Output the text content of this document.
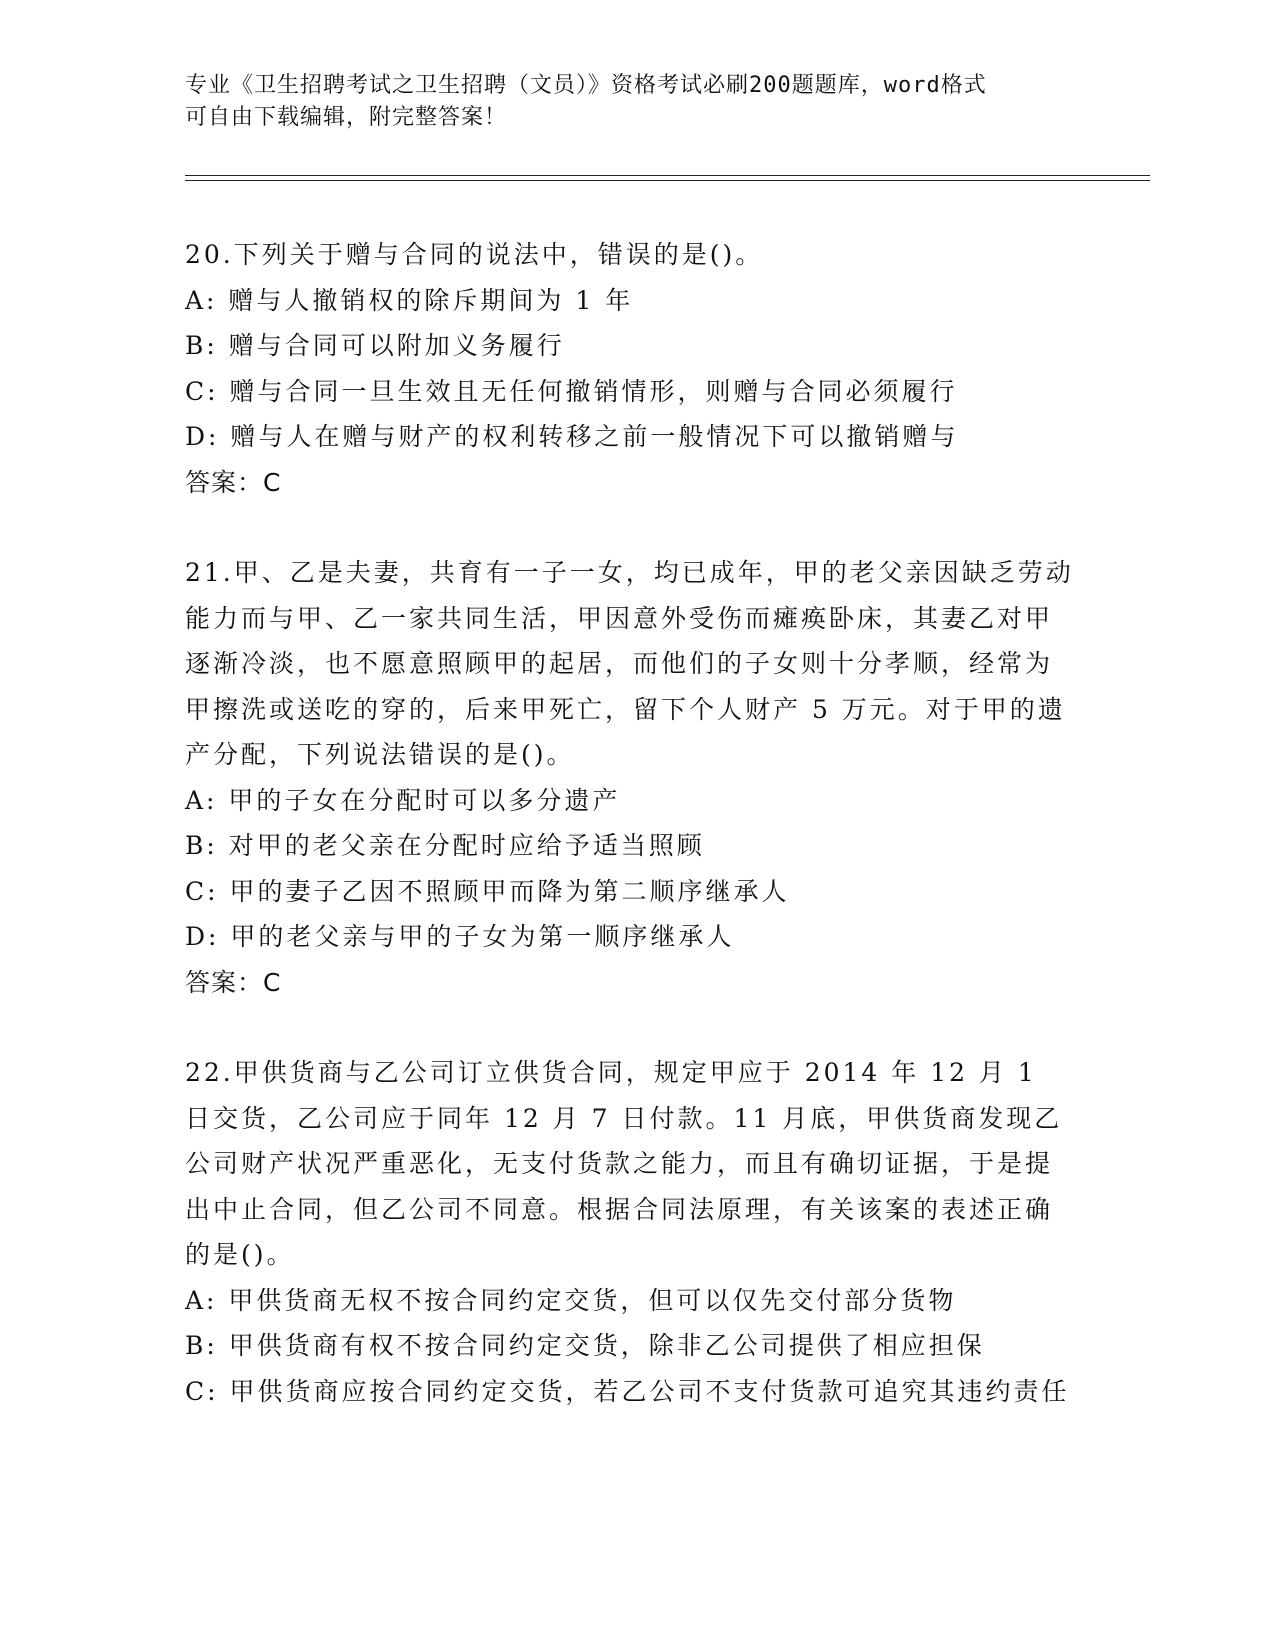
专业《卫生招聘考试之卫生招聘（文员）》资格考试必刷200题题库，word格式
可自由下载编辑，附完整答案！

20.下列关于赠与合同的说法中，错误的是()。

A: 赠与人撤销权的除斥期间为 1 年

B: 赠与合同可以附加义务履行

C: 赠与合同一旦生效且无任何撤销情形，则赠与合同必须履行

D: 赠与人在赠与财产的权利转移之前一般情况下可以撤销赠与

答案：C

21.甲、乙是夫妻，共育有一子一女，均已成年，甲的老父亲因缺乏劳动能力而与甲、乙一家共同生活，甲因意外受伤而瘫痪卧床，其妻乙对甲逐渐冷淡，也不愿意照顾甲的起居，而他们的子女则十分孝顺，经常为甲擦洗或送吃的穿的，后来甲死亡，留下个人财产 5 万元。对于甲的遗产分配，下列说法错误的是()。

A: 甲的子女在分配时可以多分遗产

B: 对甲的老父亲在分配时应给予适当照顾

C: 甲的妻子乙因不照顾甲而降为第二顺序继承人

D: 甲的老父亲与甲的子女为第一顺序继承人

答案：C

22.甲供货商与乙公司订立供货合同，规定甲应于 2014 年 12 月 1 日交货，乙公司应于同年 12 月 7 日付款。11 月底，甲供货商发现乙公司财产状况严重恶化，无支付货款之能力，而且有确切证据，于是提出中止合同，但乙公司不同意。根据合同法原理，有关该案的表述正确的是()。

A: 甲供货商无权不按合同约定交货，但可以仅先交付部分货物

B: 甲供货商有权不按合同约定交货，除非乙公司提供了相应担保

C: 甲供货商应按合同约定交货，若乙公司不支付货款可追究其违约责任
